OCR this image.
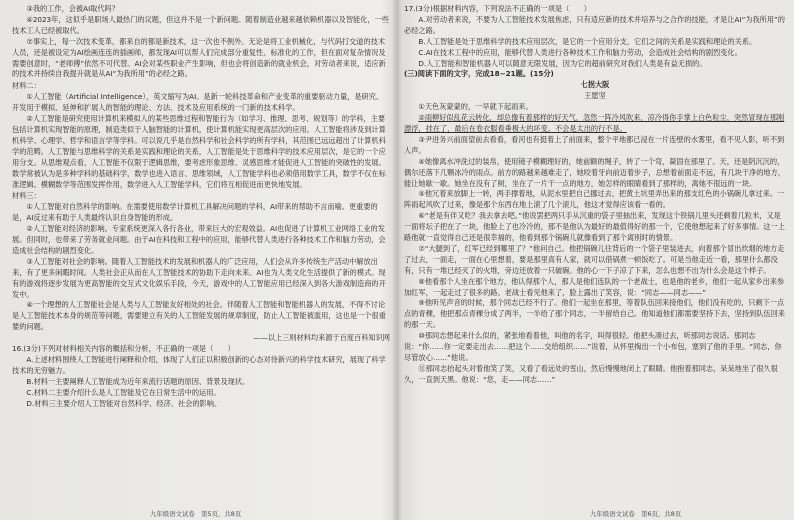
③我的工作，会被AI取代吗？

④2023年，这似乎是职场人最热门的议题，但这并不是一个新问题。随着制造业越来越依赖机器以及智能化，一些技术工人已经被取代。

⑦事实上，每一次技术变革，都来自的都是新技术，这一次也不例外。无论是将工业机械化，与代码打交道的技术人员，还是被设定为AI绘画连连的插画师，都发现AI可以帮人们完成部分重复性、标准化的工作，但在面对复杂情况及需要创意时，“老师傅”依然不可代替。AI会对某些职业产生影响，但也会将创造新的就业机会，对劳动者来说，适应新的技术并持续自我提升就是从AI“为我所用”的必经之路。

材料二：

①人工智能（Artificial Intelligence），英文缩写为AI。是新一轮科技革命和产业变革的重要驱动力量，是研究、开发用于模拟、延伸和扩展人的智能的理论、方法、技术及应用系统的一门新的技术科学。

②人工智能是研究使用计算机来模拟人的某些思维过程和智能行为（如学习、推理、思考、规划等）的学科，主要包括计算机实现智能的原理，制造类似于人脑智能的计算机，使计算机能实现更高层次的应用。人工智能将涉及到计算机科学、心理学、哲学和语言学等学科。可以说几乎是自然科学和社会科学的所有学科，其范围已远远超出了计算机科学的范畴。人工智能与思维科学的关系是实践和理论的关系，人工智能是处于思维科学的技术应用层次，是它的一个应用分支。从思维观点看，人工智能不仅限于逻辑思维，要考虑形象思维、灵感思维才能促进人工智能的突破性的发展。数学常被认为是多种学科的基础科学，数学也进入语言、思维领域，人工智能学科也必须借用数学工具，数学不仅在标准逻辑、模糊数学等范围发挥作用，数学进入人工智能学科，它们将互相促进而更快地发展。

材料三：

①人工智能对自然科学的影响。在需要使用数学计算机工具解决问题的学科，AI带来的帮助不言而喻。更重要的是，AI反过来有助于人类最终认识自身智能的形成。

②人工智能对经济的影响。专家系统更深入各行各业，带来巨大的宏观效益。AI也促进了计算机工业网络工业的发展。但同时，也带来了劳务就业问题。由于AI在科技和工程中的应用，能够代替人类进行各种技术工作和脑力劳动，会造成社会结构的剧烈变化。

③人工智能对社会的影响。随着人工智能技术的发展和机器人的广泛应用，人们会从许多传统生产活动中解放出来，有了更多闲暇时间。人类社会正从而在人工智能技术的协助下走向未来。AI也为人类文化生活提供了新的模式。现有的游戏将逐步发展为更高智能的交互式文化娱乐手段，今天，游戏中的人工智能应用已经深入到各大游戏制造商的开发中。

④一个理想的人工智能社会是人类与人工智能友好相处的社会。伴随着人工智能和智能机器人的发展，不得不讨论是人工智能技术本身的规范等问题，需要建立有关的人工智能发展的规章制度，防止人工智能被滥用，这也是一个很重要的问题。

——以上三则材料均来源于百度百科知识网

16.(3分)下列对材料相关内容的概括和分析，不正确的一项是（　　）

A.上述材料围绕人工智能进行阐释和介绍，体现了人们正以积极创新的心态对待新兴的科学技术研究，展现了科学技术的无穷魅力。

B.材料一主要阐释人工智能成为近年来流行话题的原因、背景及现状。

C.材料二主要介绍什么是人工智能及它在日常生活中的运用。

D.材料三主要介绍人工智能对自然科学、经济、社会的影响。

17.(3分)根据材料内容，下列说法不正确的一项是（　　）

A.对劳动者来说，不要为人工智能技术发展焦虑，只有适应新的技术并培养与之合作的技能，才是让AI“为我所用”的必经之路。

B.人工智能是处于思维科学的技术应用层次，是它的一个应用分支，它们之间的关系是实践和理论的关系。

C.AI在技术工程中的应用，能够代替人类进行各种技术工作和脑力劳动，会造成社会结构的剧烈变化。

D.人工智能和智能机器人可以随意无限发展，因为它的超前研究对我们人类是有益无损的。

(三)阅读下面的文字，完成18~21题。(15分)

七拐大阪

王愿坚

①天色灰蒙蒙的，一早就下起雨来。

②雨柳好似乱花云转化，却总像有着那样的好天气，忽然一阵冷风吹来，凉冷得你手掌上白色粒尘，突然冒现在那刚漂浮，挂在了，最后在卷衣服看垂极大的坏变。不会是太出的行不是。

③尹进务兴前面望前去看看，看河也有挺着上了前面来，整个平地都已浸在一片连壁的水雾里，看不见人影，听不到人声。

④她像离水冲洗过的装帛，使用镜子模糊理好的，她前额的绳子，转了一个弯，凝固在那里了。天，还是阴沉沉的，偶尔还落下几颗冰冷的雨点。前方的路越来越难走了，她咬着牙向前迈着步子，总想着前面走不远，有几块干净的地方，能让她歇一歇。她坐在没有了树，坐在了一片干一点的地方，她怎样的眼睛看到了那样的，离她不很远的一块。

⑤他冗着来放脚上一转，两手撑着地，从泥水里把自己挪过去，把黄土坑里弄出来的那支红色的小锅碗儿拿过来。一阵雨起风吹了过来，像是那个东西在地上滚了几个滚儿，他这才觉得应该看一看的。

⑥“老是有伴又吃？我去拿去吧。”他说罢把两只手从沉重的袋子里抽出来，发现这个铁锅儿里头还剩着几粒米，又是一面将坛子把在了一块，他脸上了也冷冷的，那不是他认为最好的最值得好的那一个，它使他想起来了好多事情。这一上路他就一直觉得自己还是很幸福的，他看到那个锅碗儿就像看到了那个离别时的情景。

⑦“大腿到了，红军已经到哪里了？”他问自己。他把锅碗儿往背后的一个袋子里装进去，向着那个冒出炊烟的地方走了过去，一面走，一面在心里想着，要是那里真有人家，就可以借锅煮一顿饭吃了。可是当他走近一看，那里什么都没有，只有一堆已经灭了的火堆，旁边还放着一只破碗。他的心一下子凉了下来，怎么也想不出为什么会是这个样子。

⑧他看那个人坐在那个地方，他认得那个人，那人是他们连队的一个老战士，也是他的老乡，他们一起从家乡出来参加红军，一起走过了很多的路。老战士看见他来了，脸上露出了笑容，说：“同志——同志——”

⑨他听见声音的时候，那个同志已经不行了。他们一起坐在那里，等着队伍回来接他们，他们没有吃的，只剩下一点点的青稞，他把那点青稞分成了两半，一半给了那个同志，一半留给自己。他知道他们都需要坚持下去，坚持到队伍回来的那一天。

⑩那同志想起来什么似的，紧张地看着他，叫他的名字，叫得很轻。他把头凑过去，听那同志说话。那同志说：“你……你一定要走出去……把这个……交给组织……”说着，从怀里掏出一个小布包，塞到了他的手里。“同志，你尽管放心……”他说。

⑪那同志抬起头对着他笑了笑，又看了看远处的雪山，然后慢慢地闭上了眼睛。他抱着那同志，呆呆地坐了很久很久，一直到天黑。他说：“您，走——同志……”

九年级语文试卷　第5页，共8页	九年级语文试卷　第6页，共8页
